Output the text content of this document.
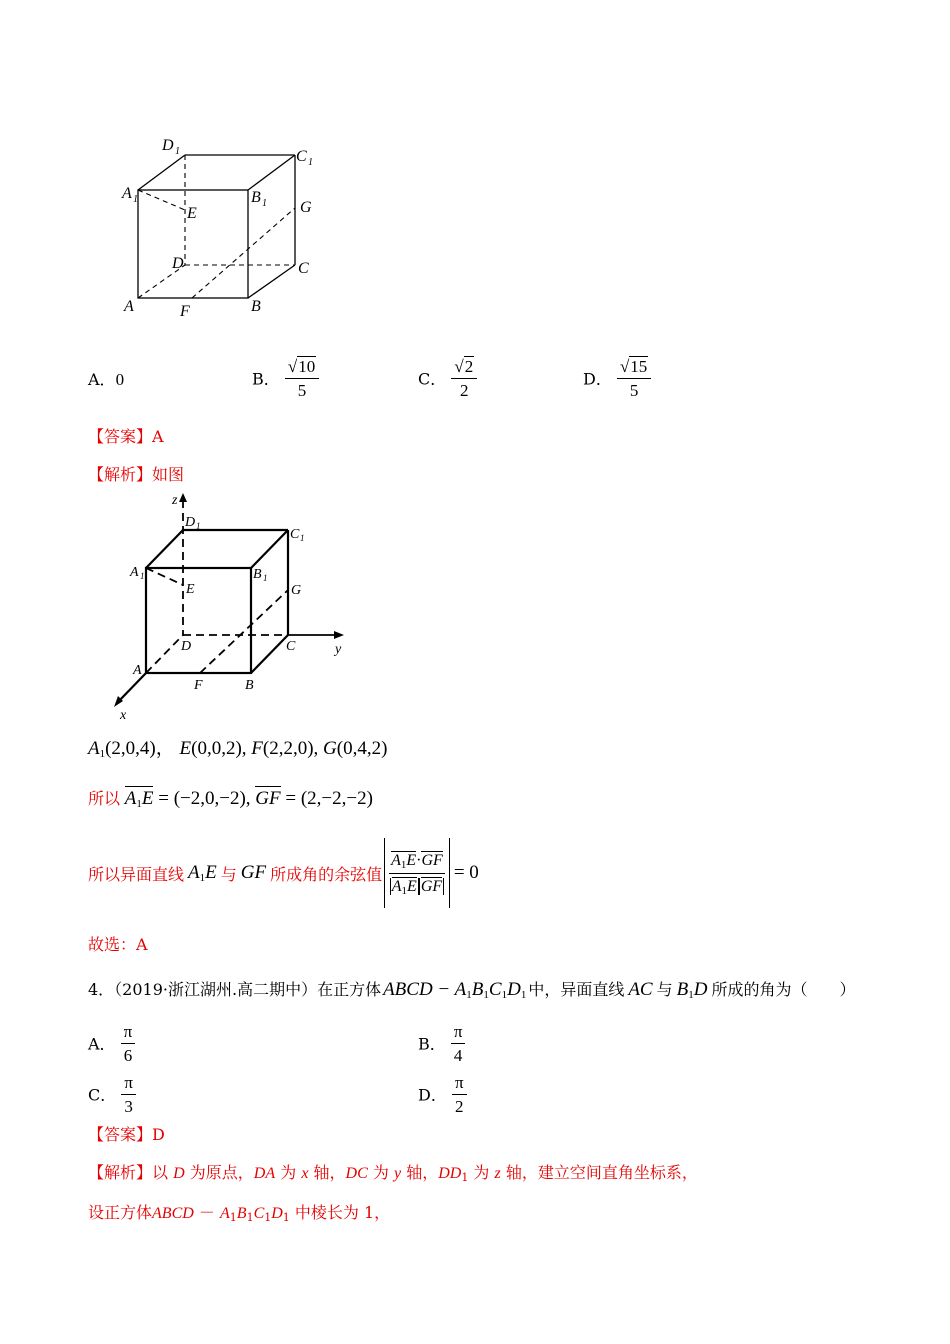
D 1	C 1
A 1	B 1
E	G
D	C
A	F	B
A．0	B． $\frac{√10}{5}$	C． $\frac{√2}{2}$	D． $\frac{√15}{5}$
【答案】A
【解析】如图
z
y
x
D 1
C 1
A 1	B 1
E	G
D	C
A
F	B
$A_1(2,0,4)$， E(0,0,2), F(2,2,0), G(0,4,2)
所以 $A_1E = (-2,0,-2)$, GF = (2,−2,−2)
所以异面直线 $A_1E$ 与 GF 所成角的余弦值
$A_1E\cdot GF$
$A_1E$ GF
= 0
故选：A
4．（2019·浙江湖州.高二期中）在正方体 ABCD − $A_1B_1C_1D_1$ 中，异面直线 AC 与 $B_1D$ 所成的角为（　　）
A． $\frac{\pi}{6}$	B． $\frac{\pi}{4}$
C． $\frac{\pi}{3}$	D． $\frac{\pi}{2}$
【答案】D
【解析】以 D 为原点，DA 为 x 轴，DC 为 y 轴，$DD_1$ 为 z 轴，建立空间直角坐标系，
设正方体ABCD － $A_1B_1C_1D_1$ 中棱长为 1，
